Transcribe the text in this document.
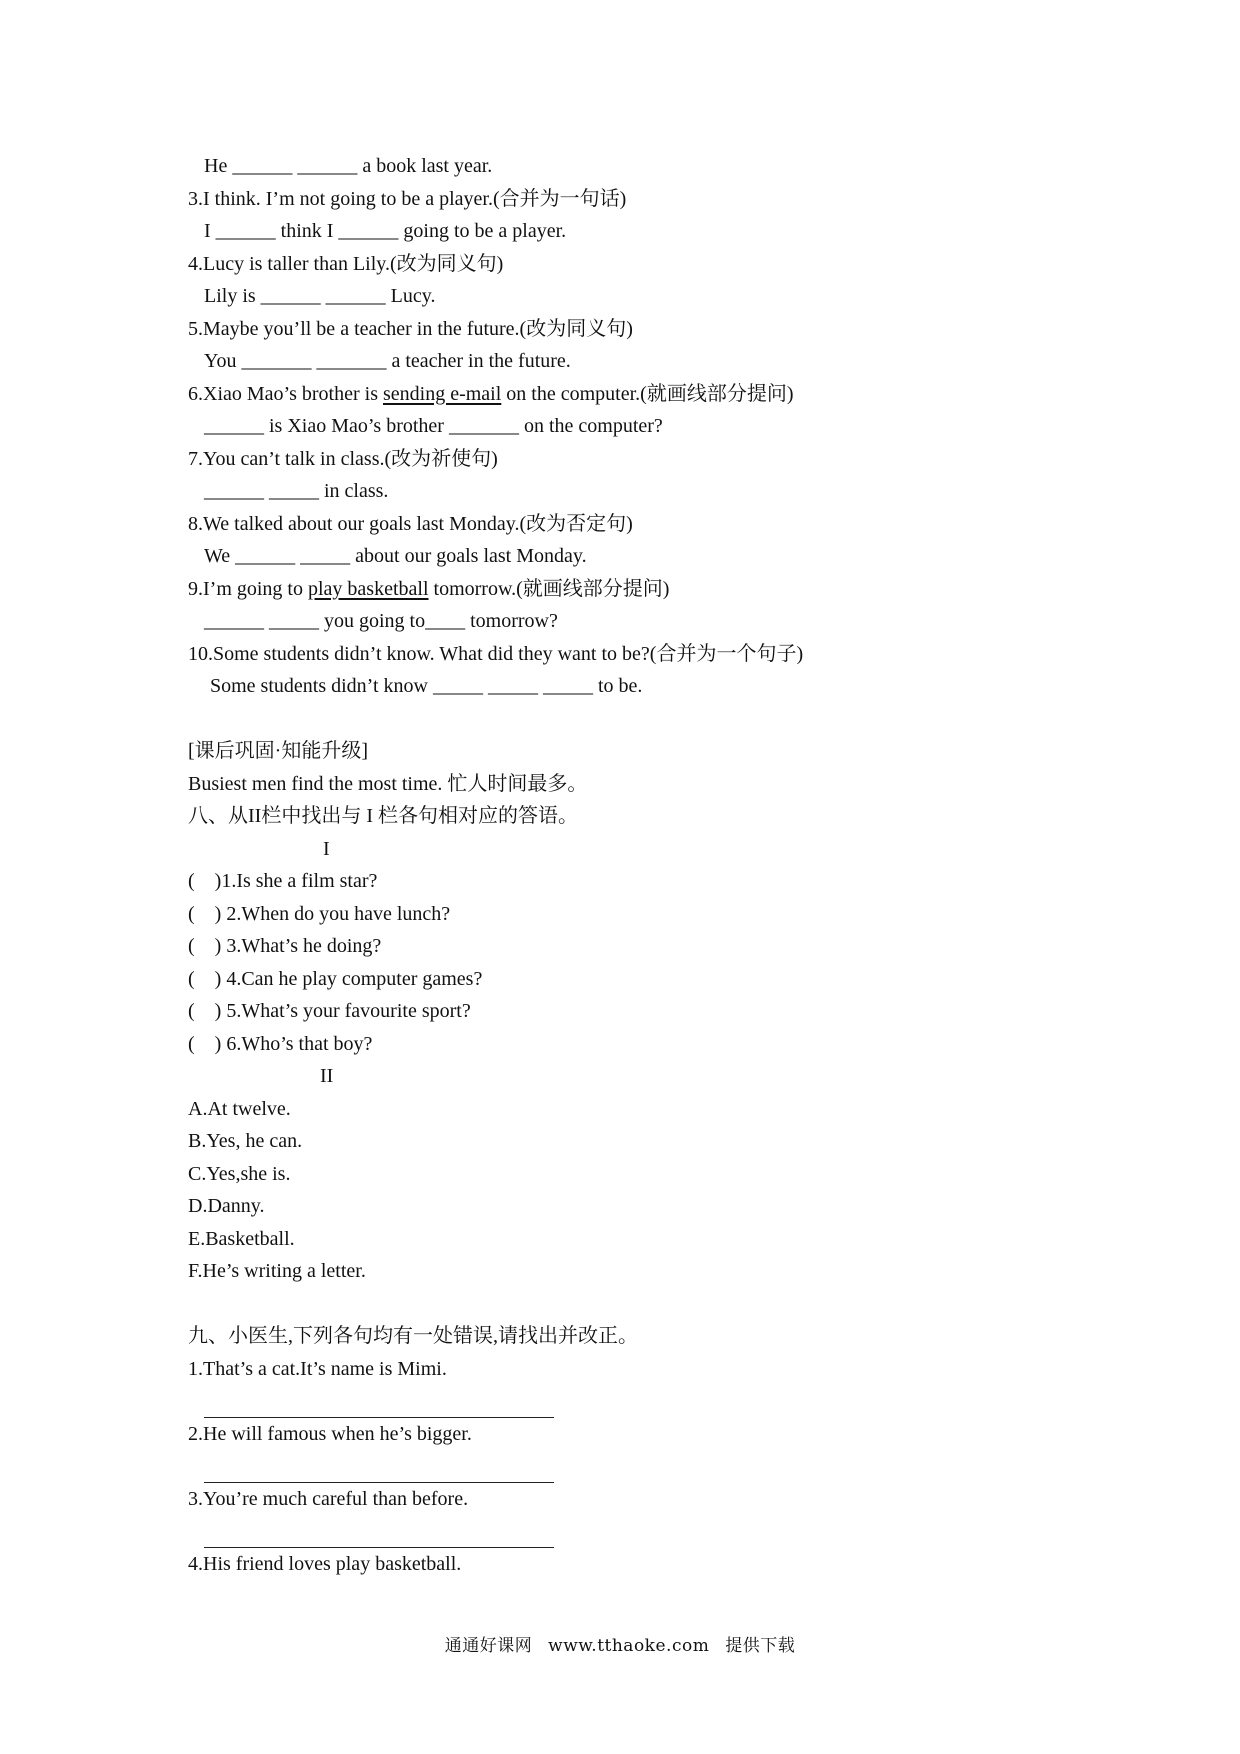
He ______ ______ a book last year.
3.I think. I’m not going to be a player.(合并为一句话)
I ______ think I ______ going to be a player.
4.Lucy is taller than Lily.(改为同义句)
Lily is ______ ______ Lucy.
5.Maybe you’ll be a teacher in the future.(改为同义句)
You _______ _______ a teacher in the future.
6.Xiao Mao’s brother is sending e-mail on the computer.(就画线部分提问)
______ is Xiao Mao’s brother _______ on the computer?
7.You can’t talk in class.(改为祈使句)
______ _____ in class.
8.We talked about our goals last Monday.(改为否定句)
We ______ _____ about our goals last Monday.
9.I’m going to play basketball tomorrow.(就画线部分提问)
______ _____ you going to____ tomorrow?
10.Some students didn’t know. What did they want to be?(合并为一个句子)
Some students didn’t know _____ _____ _____ to be.
[课后巩固·知能升级]
Busiest men find the most time. 忙人时间最多。
八、从II栏中找出与 I 栏各句相对应的答语。
I
(    )1.Is she a film star?
(    ) 2.When do you have lunch?
(    ) 3.What’s he doing?
(    ) 4.Can he play computer games?
(    ) 5.What’s your favourite sport?
(    ) 6.Who’s that boy?
II
A.At twelve.
B.Yes, he can.
C.Yes,she is.
D.Danny.
E.Basketball.
F.He’s writing a letter.
九、小医生,下列各句均有一处错误,请找出并改正。
1.That’s a cat.It’s name is Mimi.
2.He will famous when he’s bigger.
3.You’re much careful than before.
4.His friend loves play basketball.
通通好课网 www.tthaoke.com 提供下载
